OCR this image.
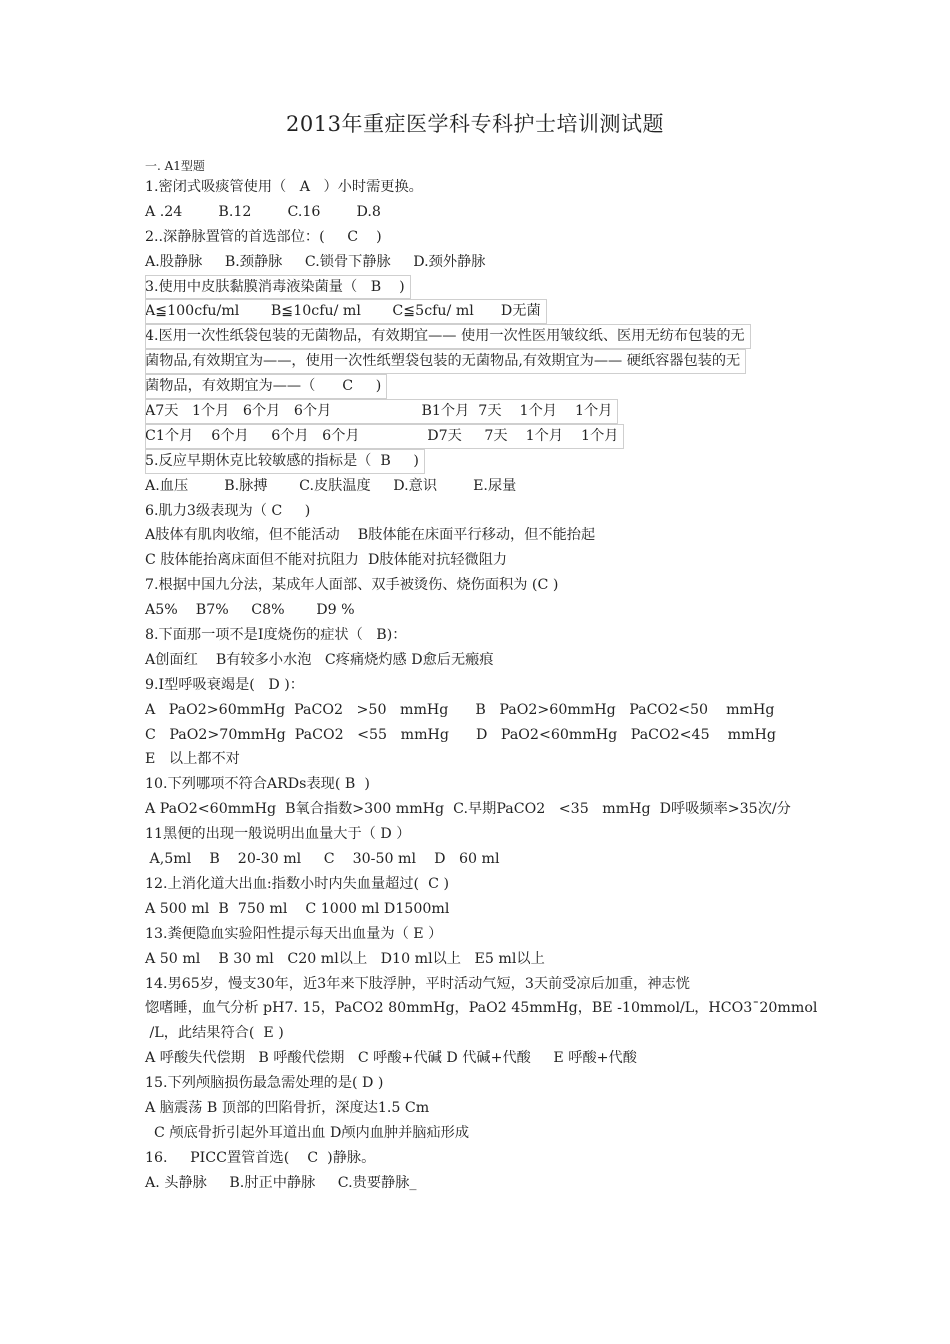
2013年重症医学科专科护士培训测试题
一. A1型题
1.密闭式吸痰管使用（   A   ）小时需更换。
A .24        B.12        C.16        D.8
2..深静脉置管的首选部位：(     C    )
A.股静脉     B.颈静脉     C.锁骨下静脉     D.颈外静脉
3.使用中皮肤黏膜消毒液染菌量（   B    )
A≦100cfu/ml       B≦10cfu/ ml       C≦5cfu/ ml      D无菌
4.医用一次性纸袋包装的无菌物品，有效期宜—— 使用一次性医用皱纹纸、医用无纺布包装的无
菌物品,有效期宜为——，使用一次性纸塑袋包装的无菌物品,有效期宜为—— 硬纸容器包装的无
菌物品，有效期宜为——（      C     )
A7天   1个月   6个月   6个月                    B1个月  7天    1个月    1个月
C1个月    6个月     6个月   6个月               D7天     7天    1个月    1个月
5.反应早期休克比较敏感的指标是（  B     )
A.血压        B.脉搏       C.皮肤温度     D.意识        E.尿量
6.肌力3级表现为（ C     )
A肢体有肌肉收缩，但不能活动    B肢体能在床面平行移动，但不能抬起
C 肢体能抬离床面但不能对抗阻力  D肢体能对抗轻微阻力
7.根据中国九分法，某成年人面部、双手被烫伤、烧伤面积为 (C )
A5%    B7%     C8%       D9 %
8.下面那一项不是Ⅰ度烧伤的症状（   B)：
A创面红    B有较多小水泡   C疼痛烧灼感 D愈后无瘢痕
9.Ⅰ型呼吸衰竭是(   D )：
A   PaO2>60mmHg  PaCO2   >50   mmHg      B   PaO2>60mmHg   PaCO2<50    mmHg
C   PaO2>70mmHg  PaCO2   <55   mmHg      D   PaO2<60mmHg   PaCO2<45    mmHg
E   以上都不对
10.下列哪项不符合ARDs表现( B  )
A PaO2<60mmHg  B氧合指数>300 mmHg  C.早期PaCO2   <35   mmHg  D呼吸频率>35次/分
11黑便的出现一般说明出血量大于（ D ）
A,5ml    B    20-30 ml     C    30-50 ml    D   60 ml
12.上消化道大出血:指数小时内失血量超过(  C )
A 500 ml  B  750 ml    C 1000 ml D1500ml
13.粪便隐血实验阳性提示每天出血量为（ E ）
A 50 ml    B 30 ml   C20 ml以上   D10 ml以上   E5 ml以上
14.男65岁，慢支30年，近3年来下肢浮肿，平时活动气短，3天前受凉后加重，神志恍
惚嗜睡，血气分析 pH7. 15，PaCO2 80mmHg，PaO2 45mmHg，BE -10mmol/L，HCO3ˉ20mmol
/L，此结果符合(  E )
A 呼酸失代偿期   B 呼酸代偿期   C 呼酸+代碱 D 代碱+代酸     E 呼酸+代酸
15.下列颅脑损伤最急需处理的是( D )
A 脑震荡 B 顶部的凹陷骨折，深度达1.5 Cm
C 颅底骨折引起外耳道出血 D颅内血肿并脑疝形成
16.     PICC置管首选(    C  )静脉。
A. 头静脉     B.肘正中静脉     C.贵要静脉_
